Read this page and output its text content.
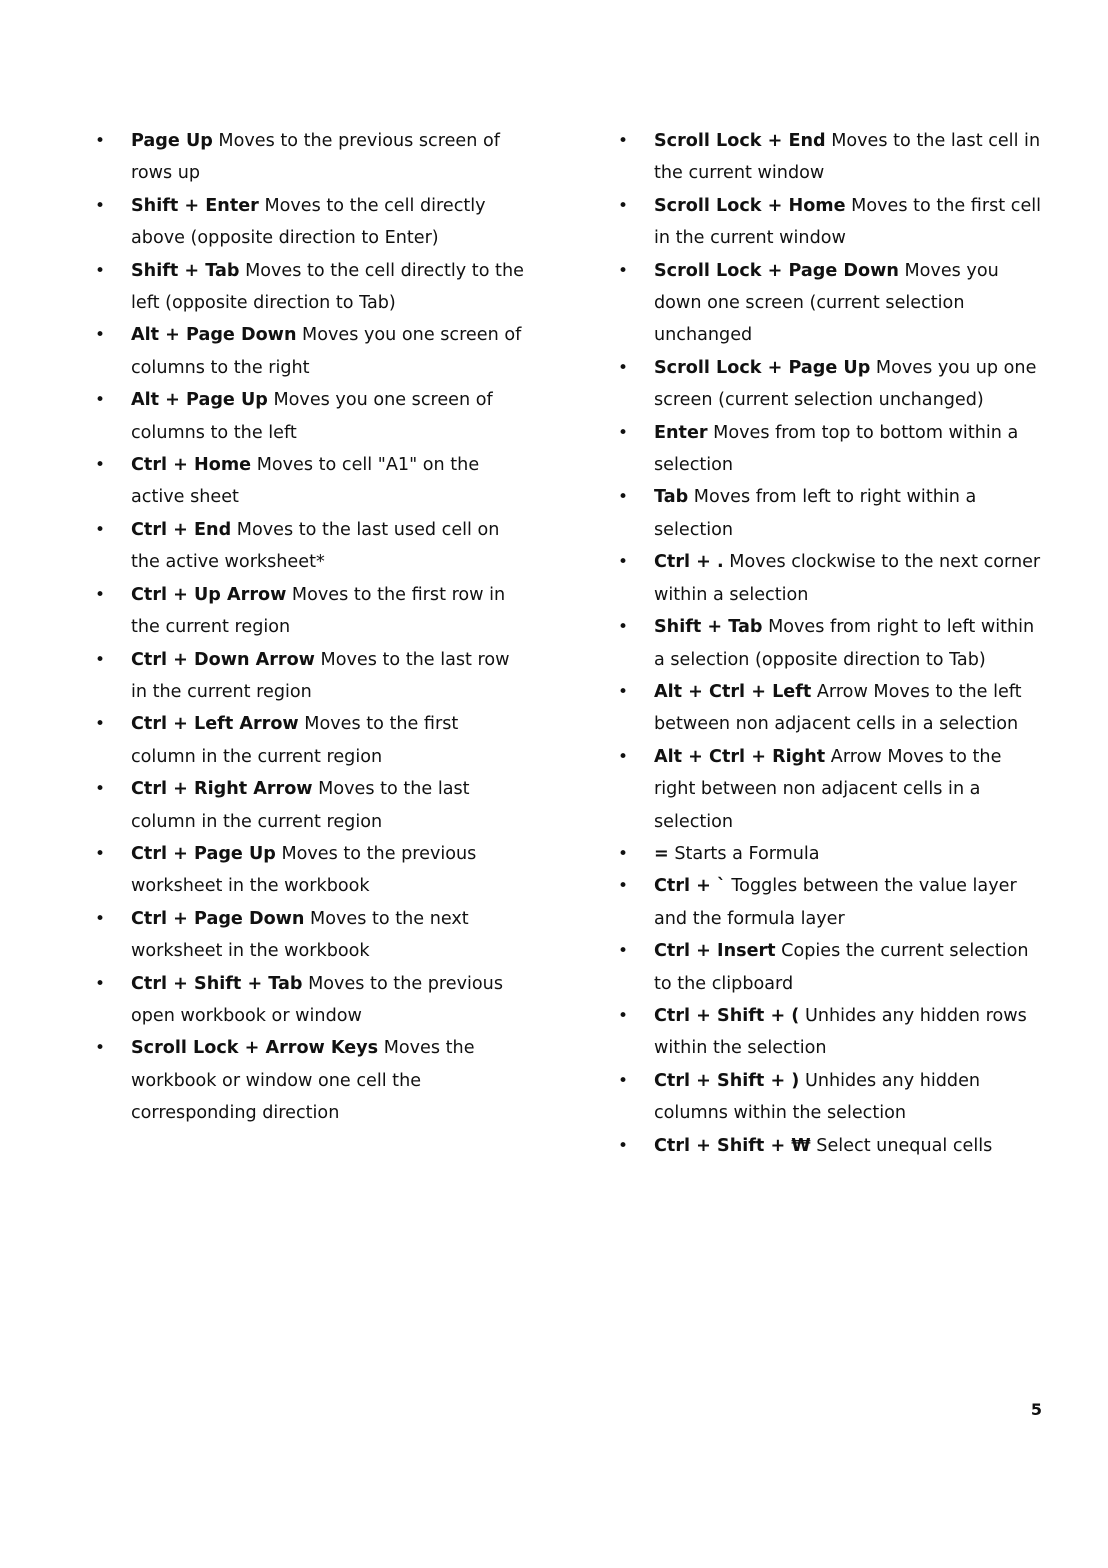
• Page Up Moves to the previous screen of rows up
• Shift + Enter Moves to the cell directly above (opposite direction to Enter)
• Shift + Tab Moves to the cell directly to the left (opposite direction to Tab)
• Alt + Page Down Moves you one screen of columns to the right
• Alt + Page Up Moves you one screen of columns to the left
• Ctrl + Home Moves to cell "A1" on the active sheet
• Ctrl + End Moves to the last used cell on the active worksheet*
• Ctrl + Up Arrow Moves to the first row in the current region
• Ctrl + Down Arrow Moves to the last row in the current region
• Ctrl + Left Arrow Moves to the first column in the current region
• Ctrl + Right Arrow Moves to the last column in the current region
• Ctrl + Page Up Moves to the previous worksheet in the workbook
• Ctrl + Page Down Moves to the next worksheet in the workbook
• Ctrl + Shift + Tab Moves to the previous open workbook or window
• Scroll Lock + Arrow Keys Moves the workbook or window one cell the corresponding direction
• Scroll Lock + End Moves to the last cell in the current window
• Scroll Lock + Home Moves to the first cell in the current window
• Scroll Lock + Page Down Moves you down one screen (current selection unchanged
• Scroll Lock + Page Up Moves you up one screen (current selection unchanged)
• Enter Moves from top to bottom within a selection
• Tab Moves from left to right within a selection
• Ctrl + . Moves clockwise to the next corner within a selection
• Shift + Tab Moves from right to left within a selection (opposite direction to Tab)
• Alt + Ctrl + Left Arrow Moves to the left between non adjacent cells in a selection
• Alt + Ctrl + Right Arrow Moves to the right between non adjacent cells in a selection
• = Starts a Formula
• Ctrl + ` Toggles between the value layer and the formula layer
• Ctrl + Insert Copies the current selection to the clipboard
• Ctrl + Shift + ( Unhides any hidden rows within the selection
• Ctrl + Shift + ) Unhides any hidden columns within the selection
• Ctrl + Shift + ₩ Select unequal cells
5
